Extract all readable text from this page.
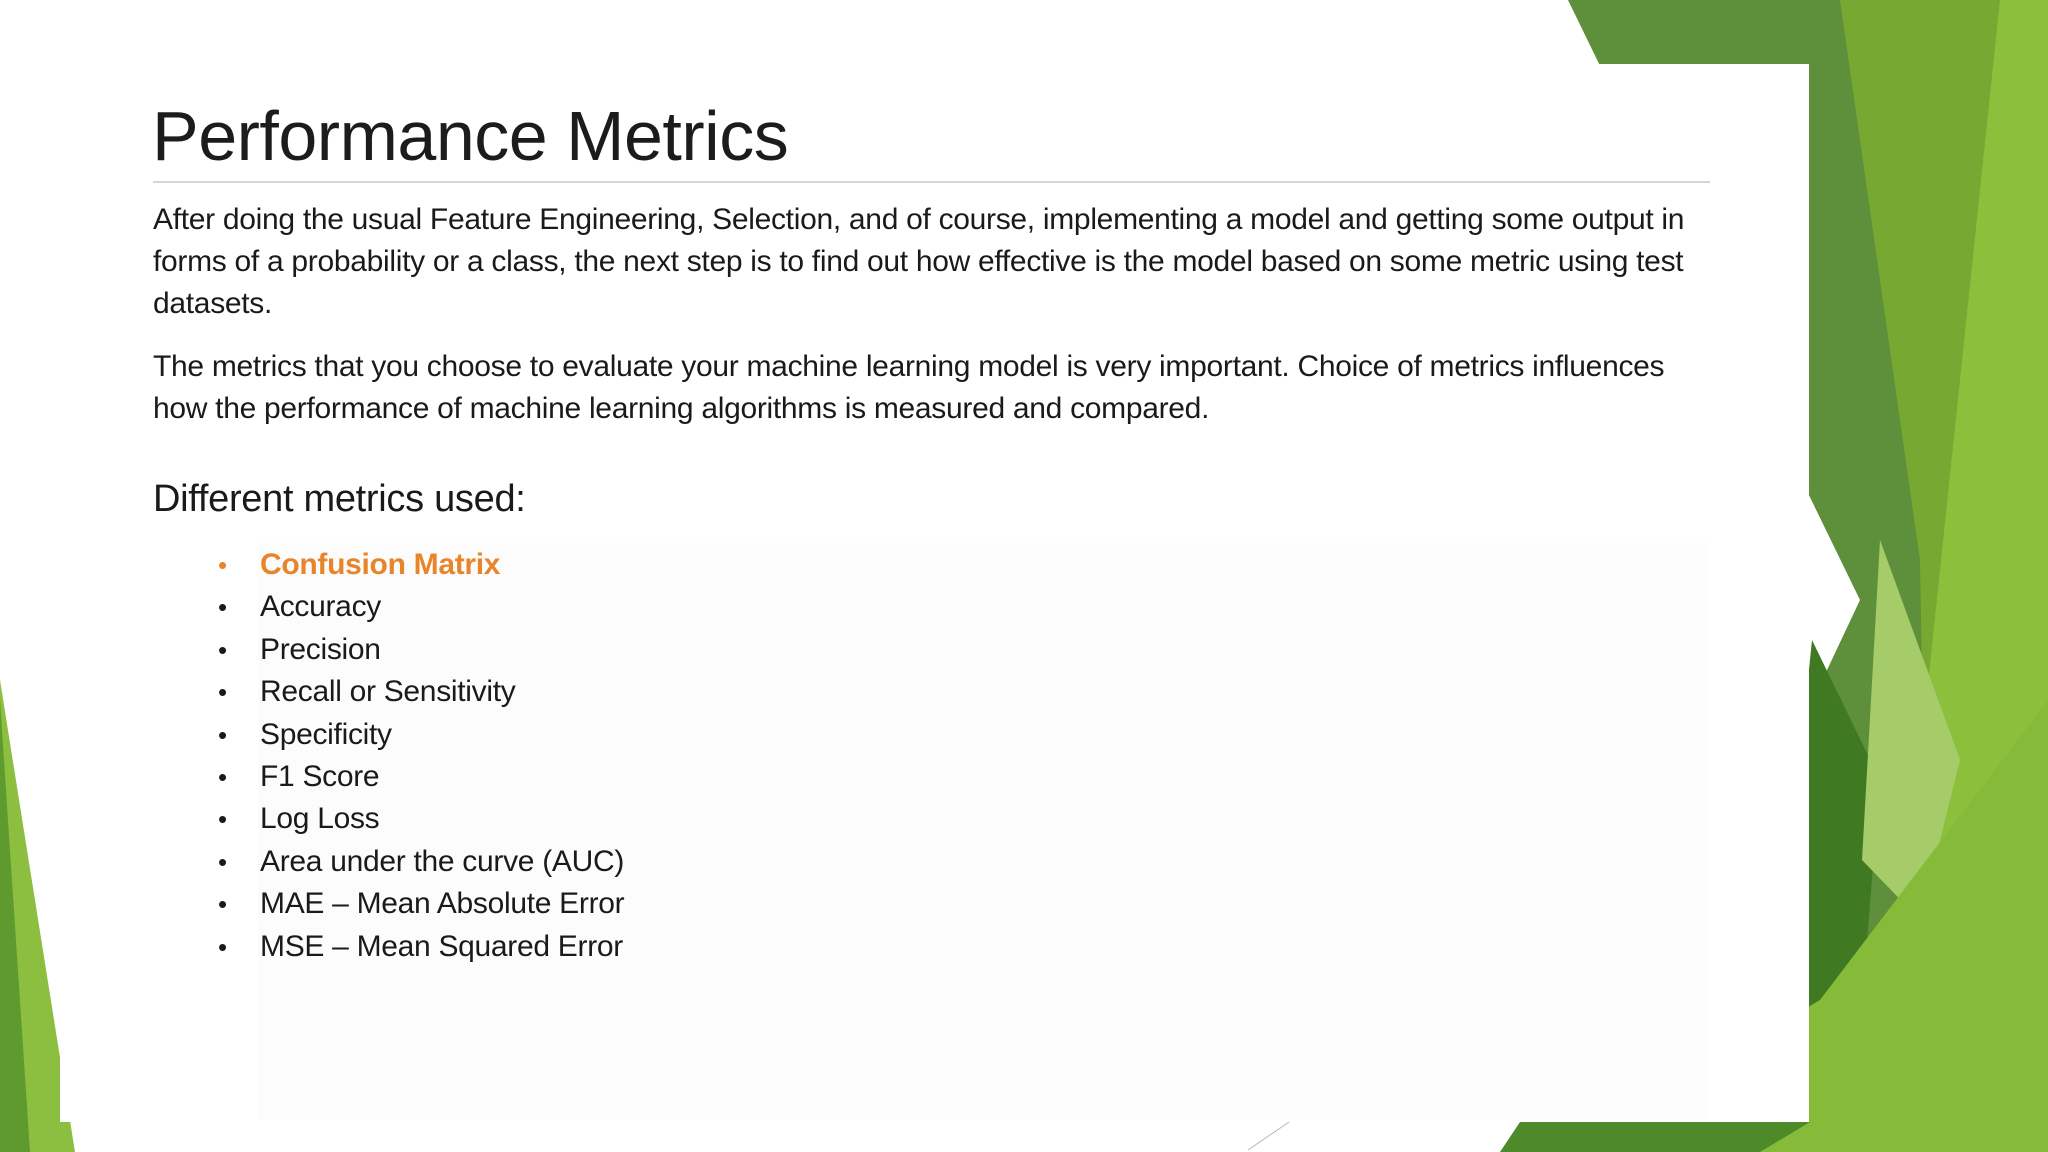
Performance Metrics

After doing the usual Feature Engineering, Selection, and of course, implementing a model and getting some output in forms of a probability or a class, the next step is to find out how effective is the model based on some metric using test datasets.

The metrics that you choose to evaluate your machine learning model is very important. Choice of metrics influences how the performance of machine learning algorithms is measured and compared.

Different metrics used:
• Confusion Matrix
• Accuracy
• Precision
• Recall or Sensitivity
• Specificity
• F1 Score
• Log Loss
• Area under the curve (AUC)
• MAE – Mean Absolute Error
• MSE – Mean Squared Error
